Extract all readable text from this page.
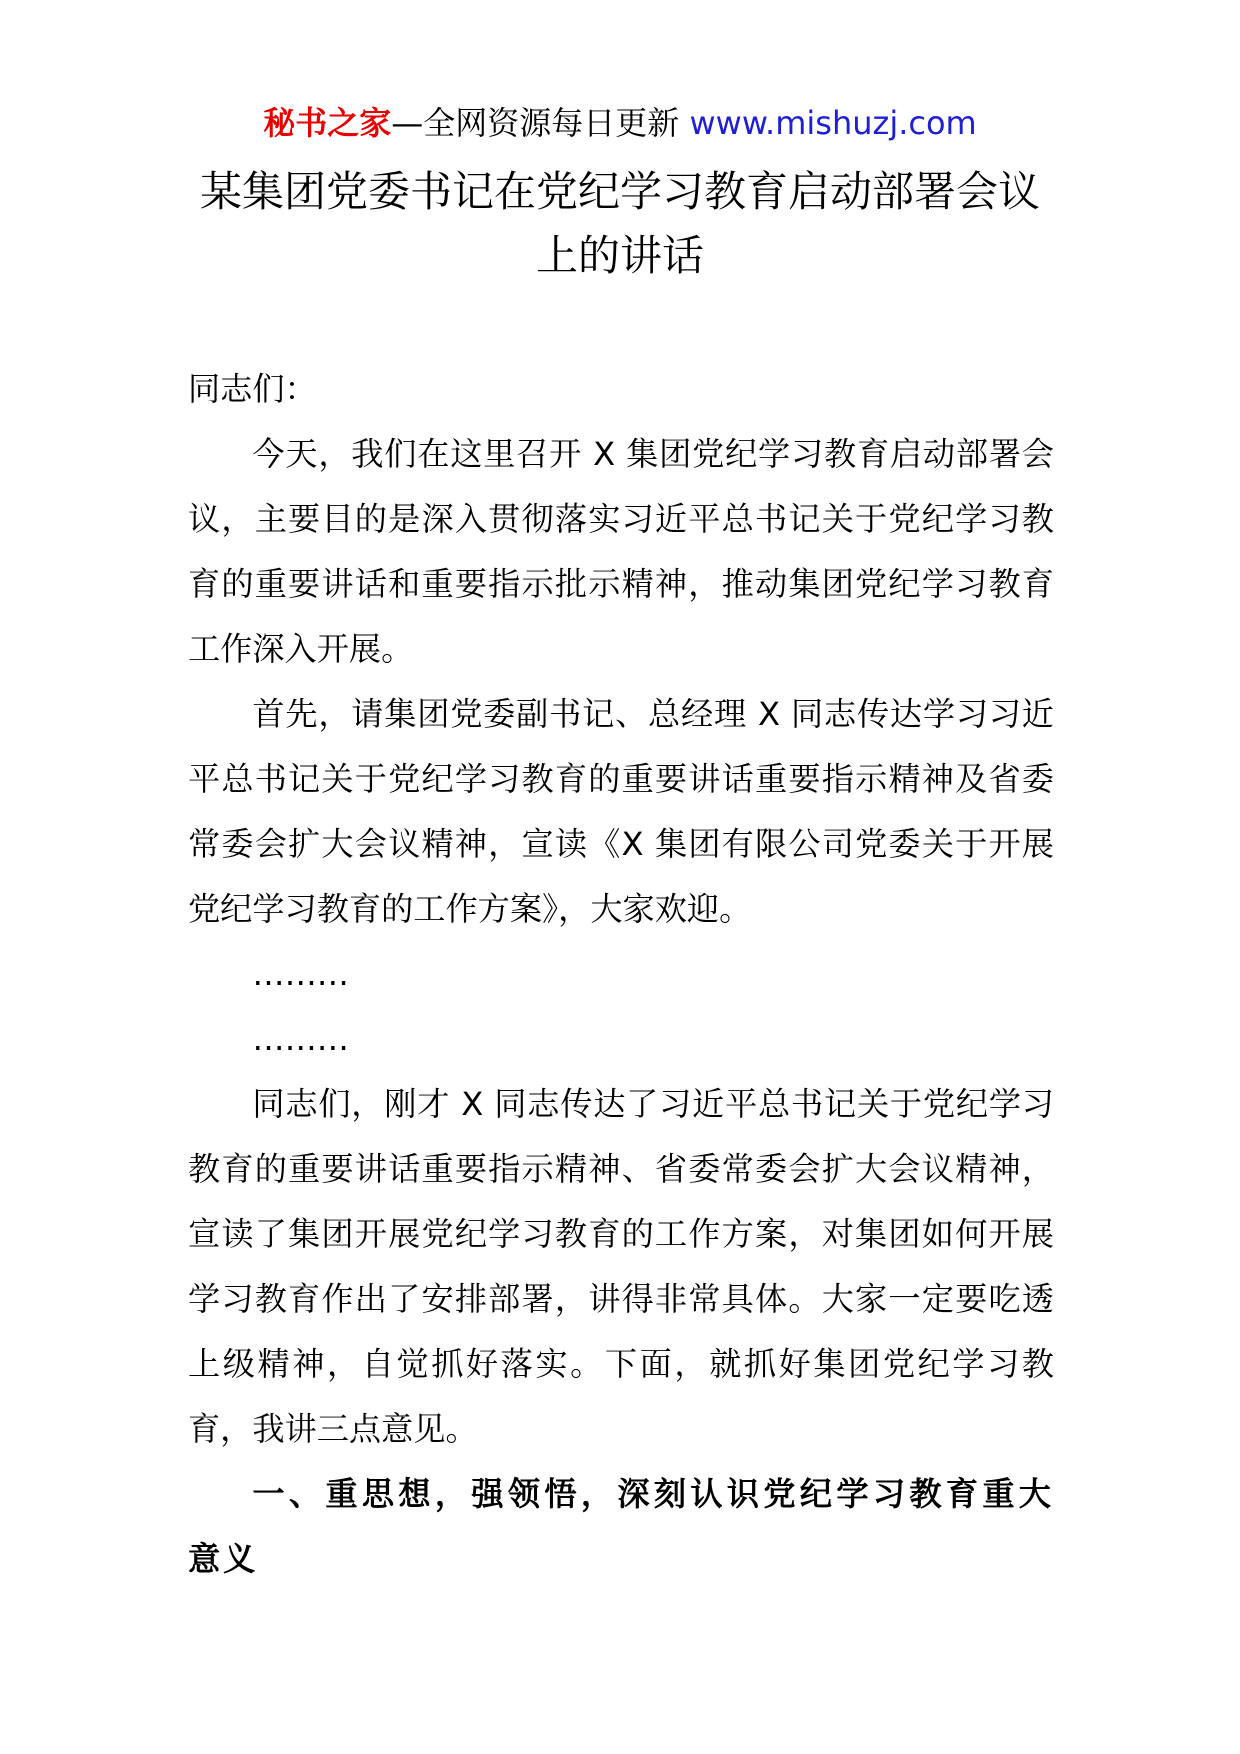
秘书之家—全网资源每日更新 www.mishuzj.com
某集团党委书记在党纪学习教育启动部署会议
上的讲话

同志们：

今天，我们在这里召开 X 集团党纪学习教育启动部署会议，主要目的是深入贯彻落实习近平总书记关于党纪学习教育的重要讲话和重要指示批示精神，推动集团党纪学习教育工作深入开展。

首先，请集团党委副书记、总经理 X 同志传达学习习近平总书记关于党纪学习教育的重要讲话重要指示精神及省委常委会扩大会议精神，宣读《X 集团有限公司党委关于开展党纪学习教育的工作方案》，大家欢迎。

………

………

同志们，刚才 X 同志传达了习近平总书记关于党纪学习教育的重要讲话重要指示精神、省委常委会扩大会议精神，宣读了集团开展党纪学习教育的工作方案，对集团如何开展学习教育作出了安排部署，讲得非常具体。大家一定要吃透上级精神，自觉抓好落实。下面，就抓好集团党纪学习教育，我讲三点意见。

一、重思想，强领悟，深刻认识党纪学习教育重大意义
